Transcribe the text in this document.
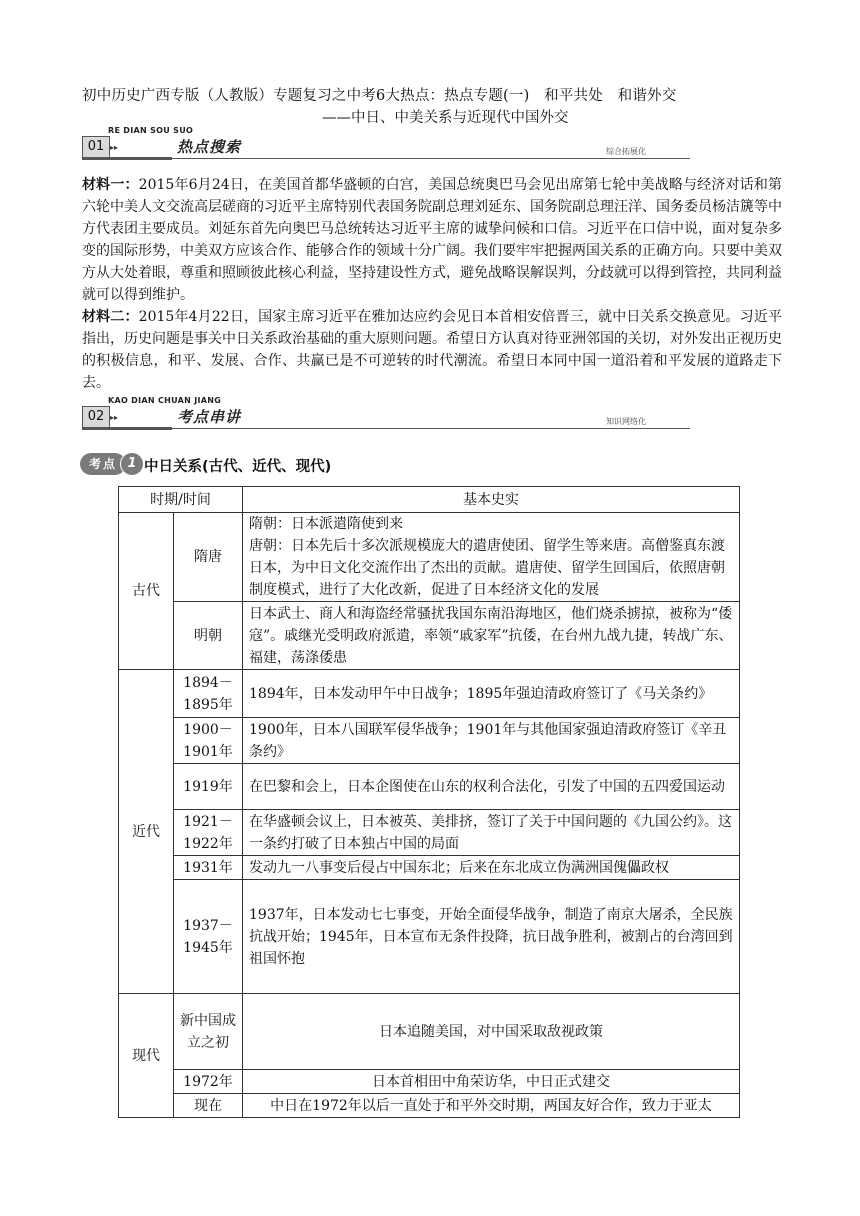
初中历史广西专版（人教版）专题复习之中考6大热点：热点专题(一)　和平共处　和谐外交
——中日、中美关系与近现代中国外交
RE DIAN SOU SUO
01 ▸▸	热点搜索	综合拓展化
材料一：2015年6月24日，在美国首都华盛顿的白宫，美国总统奥巴马会见出席第七轮中美战略与经济对话和第六轮中美人文交流高层磋商的习近平主席特别代表国务院副总理刘延东、国务院副总理汪洋、国务委员杨洁篪等中方代表团主要成员。刘延东首先向奥巴马总统转达习近平主席的诚挚问候和口信。习近平在口信中说，面对复杂多变的国际形势，中美双方应该合作、能够合作的领域十分广阔。我们要牢牢把握两国关系的正确方向。只要中美双方从大处着眼，尊重和照顾彼此核心利益，坚持建设性方式，避免战略误解误判，分歧就可以得到管控，共同利益就可以得到维护。
材料二：2015年4月22日，国家主席习近平在雅加达应约会见日本首相安倍晋三，就中日关系交换意见。习近平指出，历史问题是事关中日关系政治基础的重大原则问题。希望日方认真对待亚洲邻国的关切，对外发出正视历史的积极信息，和平、发展、合作、共赢已是不可逆转的时代潮流。希望日本同中国一道沿着和平发展的道路走下去。
KAO DIAN CHUAN JIANG
02 ▸▸	考点串讲	知识网络化
考点 1 中日关系(古代、近代、现代)
时期/时间		基本史实
古代	隋唐	隋朝：日本派遣隋使到来
唐朝：日本先后十多次派规模庞大的遣唐使团、留学生等来唐。高僧鉴真东渡日本，为中日文化交流作出了杰出的贡献。遣唐使、留学生回国后，依照唐朝制度模式，进行了大化改新，促进了日本经济文化的发展

	明朝	日本武士、商人和海盗经常骚扰我国东南沿海地区，他们烧杀掳掠，被称为“倭寇”。戚继光受明政府派遣，率领“戚家军”抗倭，在台州九战九捷，转战广东、福建，荡涤倭患
近代	1894－1895年	1894年，日本发动甲午中日战争；1895年强迫清政府签订了《马关条约》
	1900－1901年	1900年，日本八国联军侵华战争；1901年与其他国家强迫清政府签订《辛丑条约》
	1919年	在巴黎和会上，日本企图使在山东的权利合法化，引发了中国的五四爱国运动
	1921－1922年	在华盛顿会议上，日本被英、美排挤，签订了关于中国问题的《九国公约》。这一条约打破了日本独占中国的局面
	1931年	发动九一八事变后侵占中国东北；后来在东北成立伪满洲国傀儡政权
	1937－1945年	1937年，日本发动七七事变，开始全面侵华战争，制造了南京大屠杀，全民族抗战开始；1945年，日本宣布无条件投降，抗日战争胜利，被割占的台湾回到祖国怀抱
现代	新中国成立之初	日本追随美国，对中国采取敌视政策
	1972年	日本首相田中角荣访华，中日正式建交
	现在	中日在1972年以后一直处于和平外交时期，两国友好合作，致力于亚太
